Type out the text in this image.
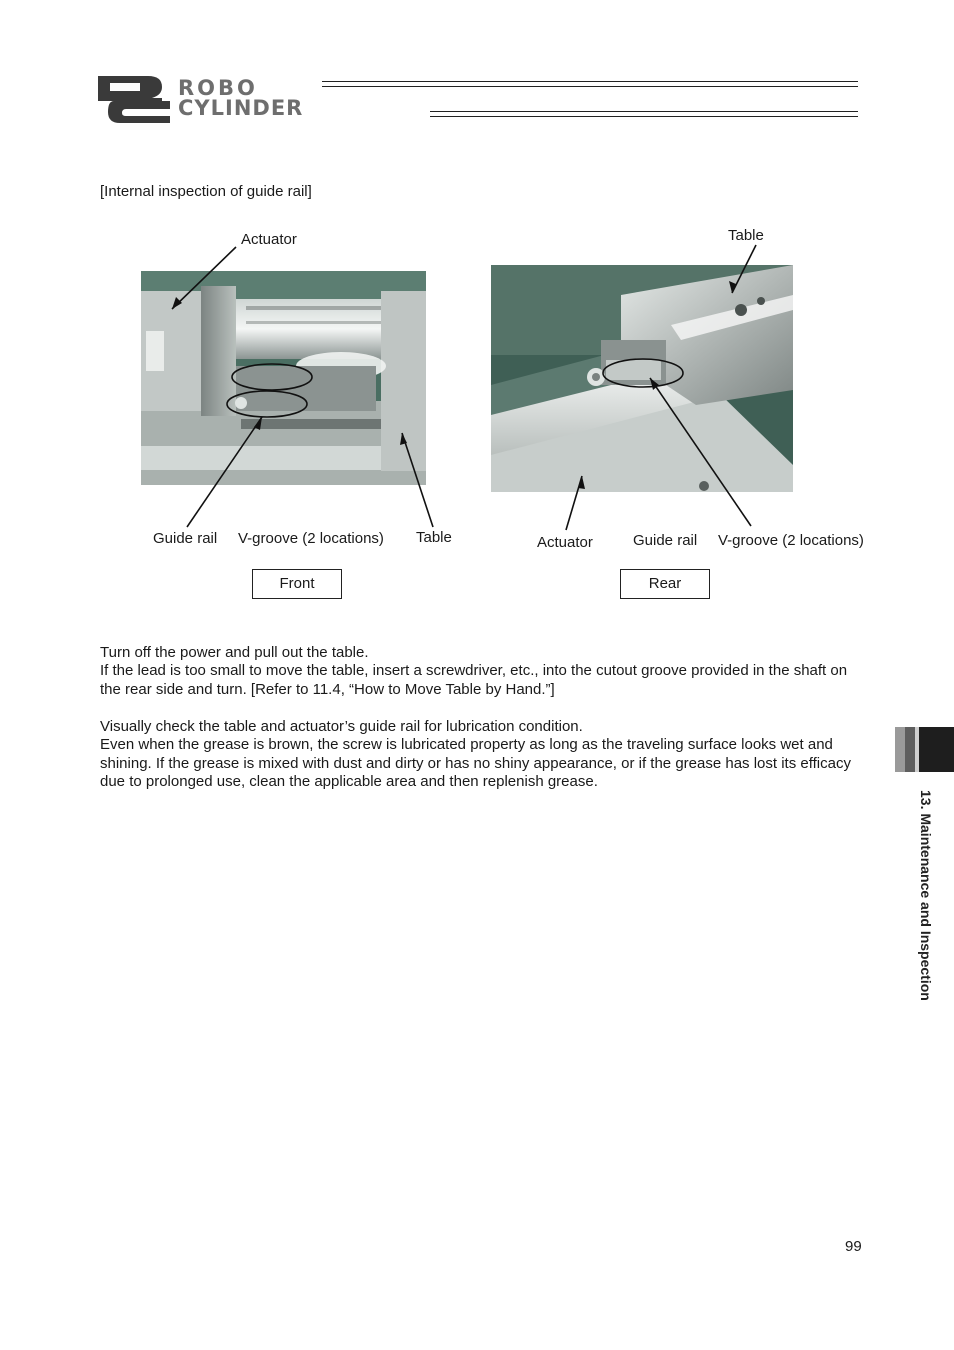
ROBO
CYLINDER
[Internal inspection of guide rail]
Actuator
Guide rail V-groove (2 locations) Table
Front
Table
Actuator	Guide rail V-groove (2 locations)
Rear
Turn off the power and pull out the table.
If the lead is too small to move the table, insert a screwdriver, etc., into the cutout groove provided in the shaft on the rear side and turn. [Refer to 11.4, “How to Move Table by Hand.”]
Visually check the table and actuator’s guide rail for lubrication condition.
Even when the grease is brown, the screw is lubricated property as long as the traveling surface looks wet and shining. If the grease is mixed with dust and dirty or has no shiny appearance, or if the grease has lost its efficacy due to prolonged use, clean the applicable area and then replenish grease.
13. Maintenance and Inspection
99
